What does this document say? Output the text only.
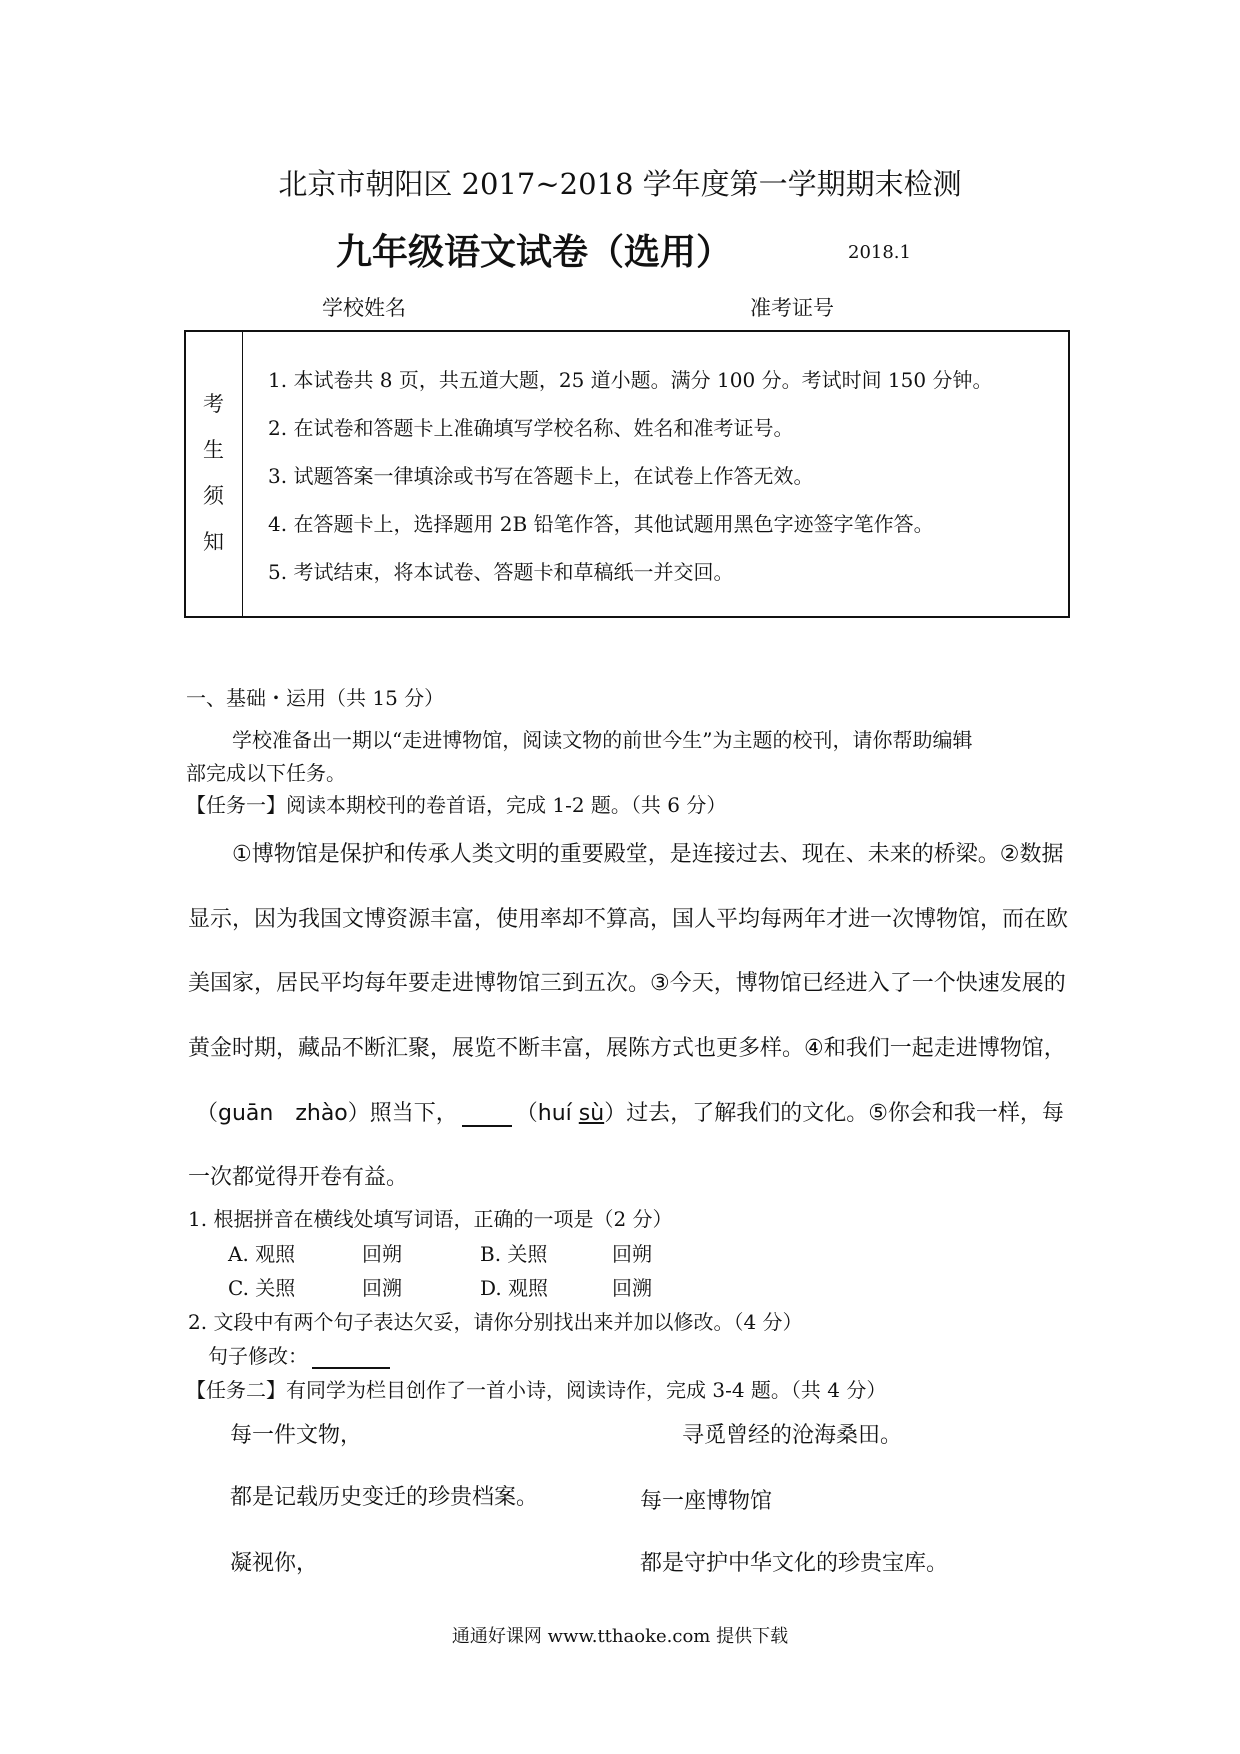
北京市朝阳区 2017~2018 学年度第一学期期末检测
九年级语文试卷（选用）	2018.1
学校姓名	准考证号
考
生
须
知
1. 本试卷共 8 页，共五道大题，25 道小题。满分 100 分。考试时间 150 分钟。
2. 在试卷和答题卡上准确填写学校名称、姓名和准考证号。
3. 试题答案一律填涂或书写在答题卡上，在试卷上作答无效。
4. 在答题卡上，选择题用 2B 铅笔作答，其他试题用黑色字迹签字笔作答。
5. 考试结束，将本试卷、答题卡和草稿纸一并交回。
一、基础・运用（共 15 分）
学校准备出一期以“走进博物馆，阅读文物的前世今生”为主题的校刊，请你帮助编辑
部完成以下任务。
【任务一】阅读本期校刊的卷首语，完成 1-2 题。（共 6 分）
①博物馆是保护和传承人类文明的重要殿堂，是连接过去、现在、未来的桥梁。②数据
显示，因为我国文博资源丰富，使用率却不算高，国人平均每两年才进一次博物馆，而在欧
美国家，居民平均每年要走进博物馆三到五次。③今天，博物馆已经进入了一个快速发展的
黄金时期，藏品不断汇聚，展览不断丰富，展陈方式也更多样。④和我们一起走进博物馆，
（guān　zhào）照当下，	（huí sù）过去，了解我们的文化。⑤你会和我一样，每
一次都觉得开卷有益。
1. 根据拼音在横线处填写词语，正确的一项是（2 分）
A. 观照	回朔	B. 关照	回朔
C. 关照	回溯	D. 观照	回溯
2. 文段中有两个句子表达欠妥，请你分别找出来并加以修改。（4 分）
句子修改：
【任务二】有同学为栏目创作了一首小诗，阅读诗作，完成 3-4 题。（共 4 分）
每一件文物，
都是记载历史变迁的珍贵档案。
凝视你，
寻觅曾经的沧海桑田。
每一座博物馆
都是守护中华文化的珍贵宝库。
通通好课网 www.tthaoke.com 提供下载
